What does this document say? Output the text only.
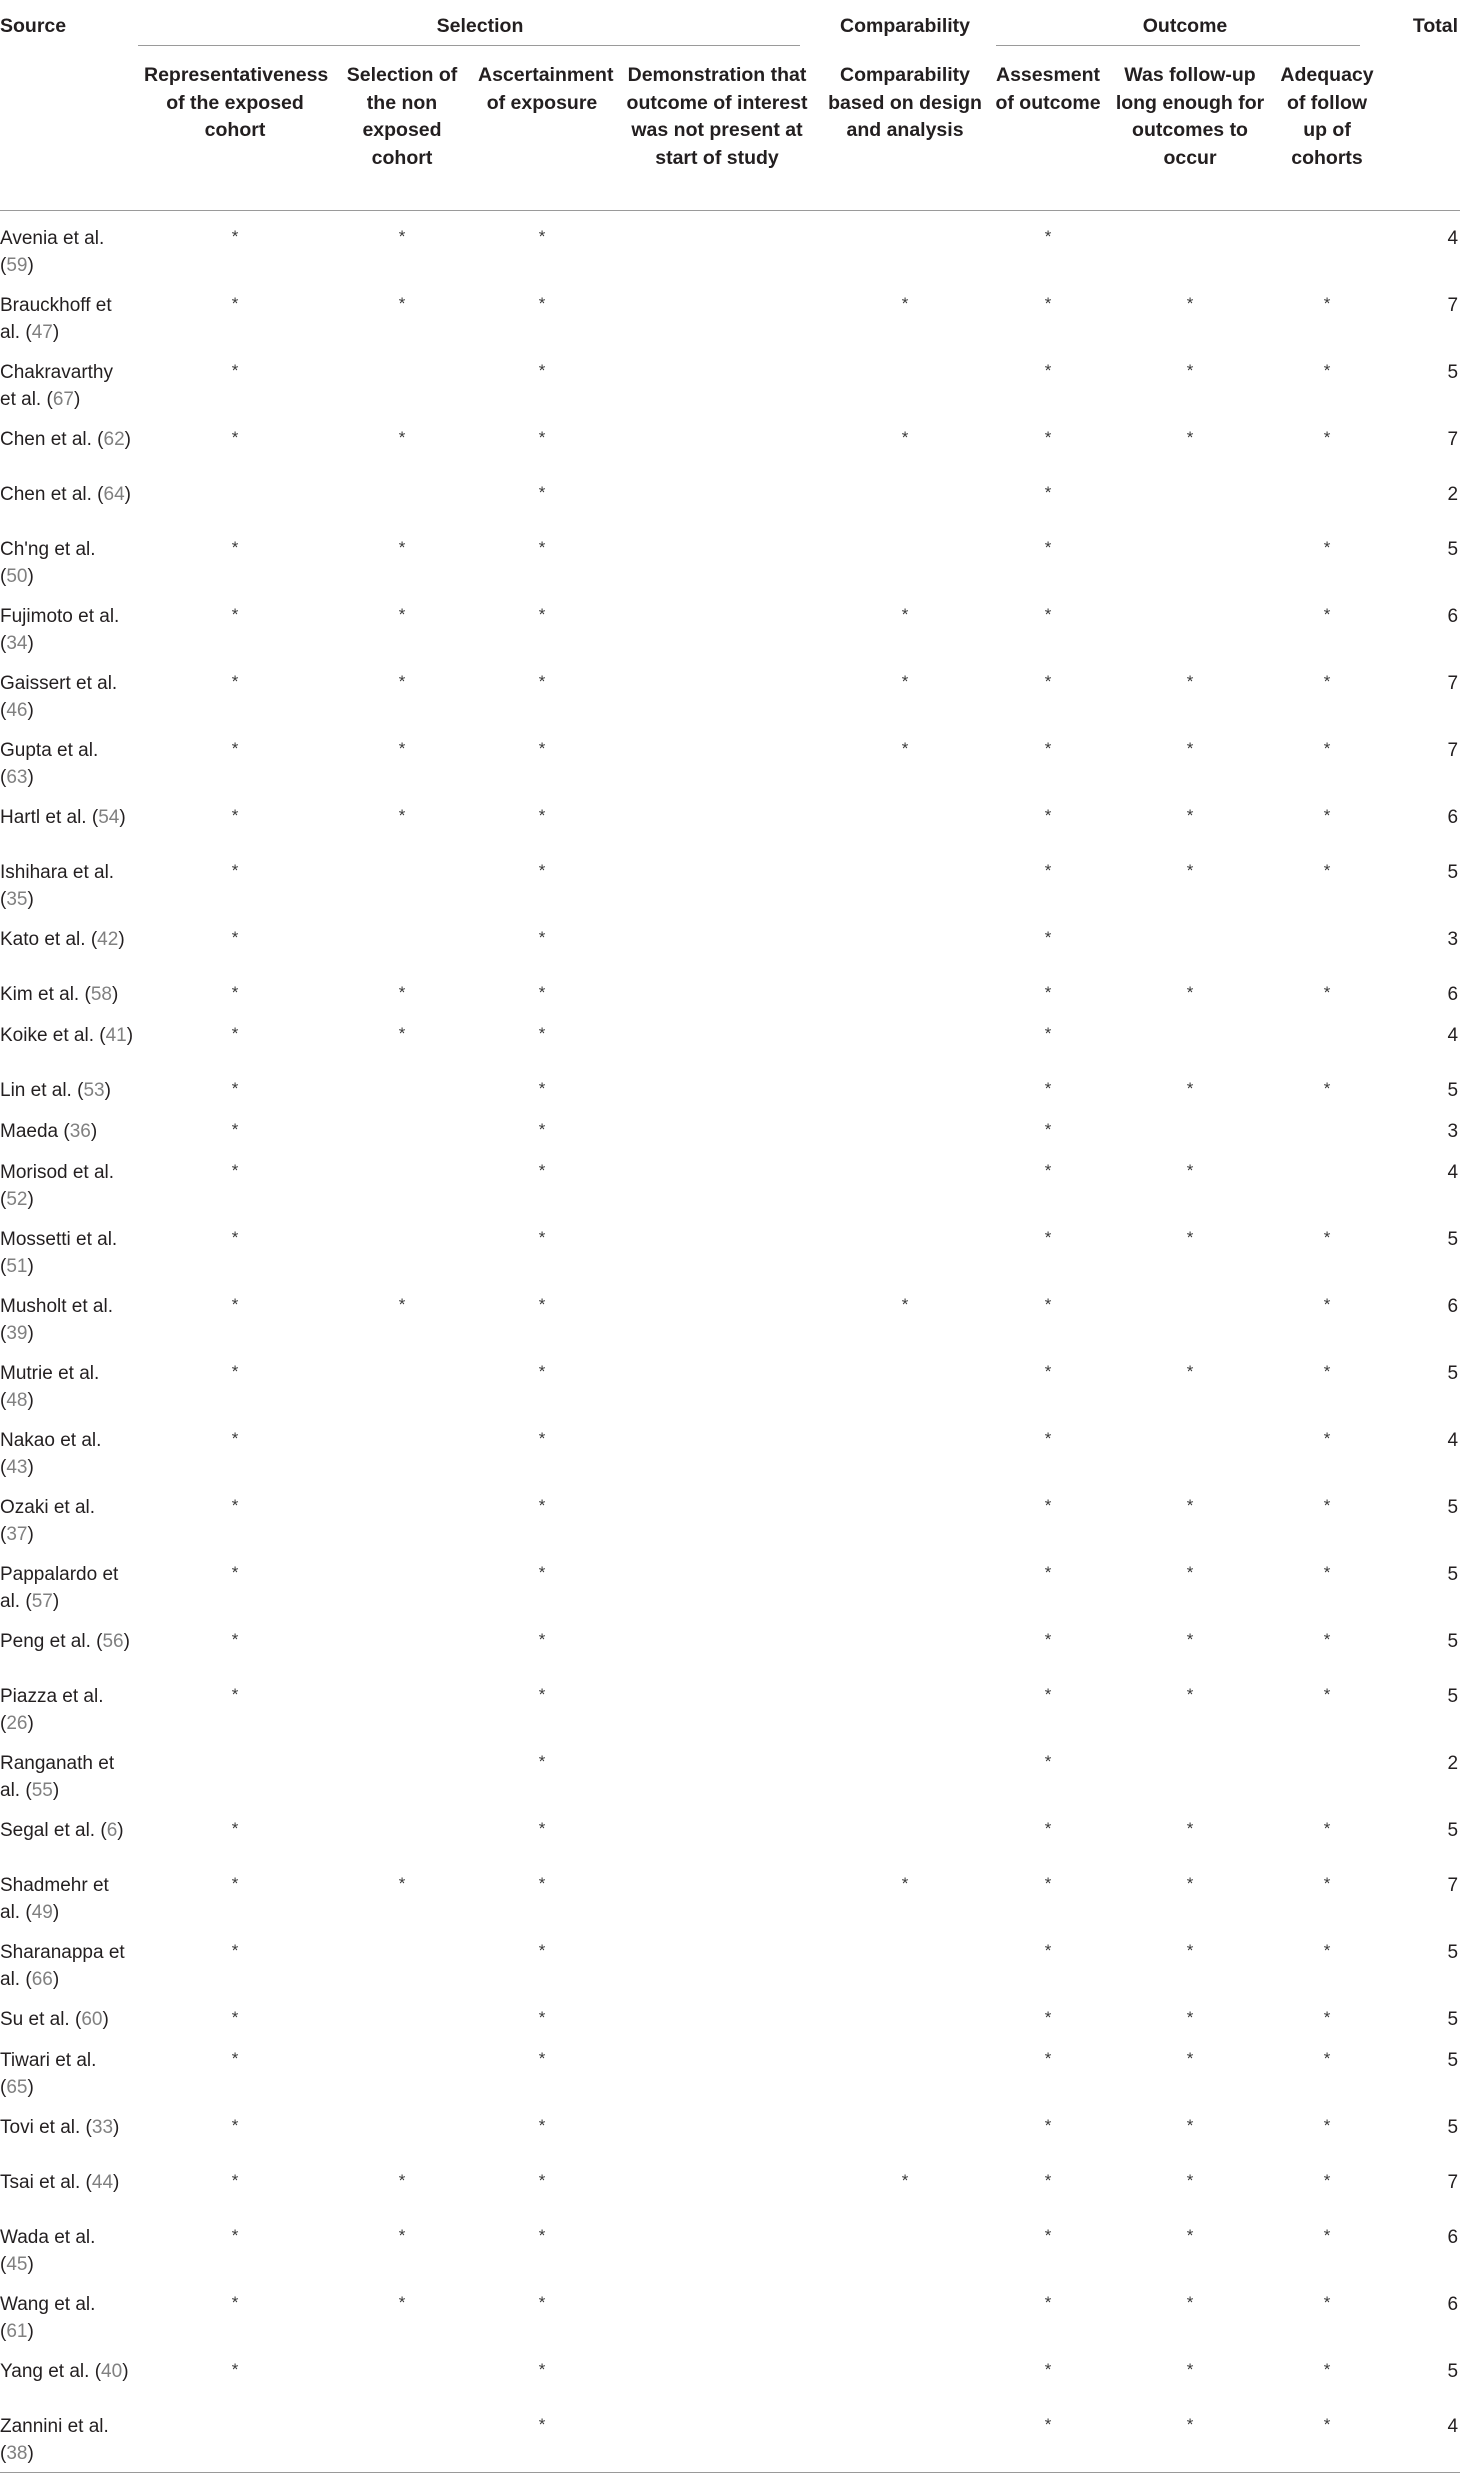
Source	Selection				Comparability	Outcome			Total
	Representativeness of the exposed cohort	Selection of the non exposed cohort	Ascertainment of exposure	Demonstration that outcome of interest was not present at start of study	Comparability based on design and analysis	Assesment of outcome	Was follow-up long enough for outcomes to occur	Adequacy of follow up of cohorts	
Avenia et al. (59)	*	*	*			*			4
Brauckhoff et al. (47)	*	*	*		*	*	*	*	7
Chakravarthy et al. (67)	*		*			*	*	*	5
Chen et al. (62)	*	*	*		*	*	*	*	7
Chen et al. (64)			*			*			2
Ch'ng et al. (50)	*	*	*			*		*	5
Fujimoto et al. (34)	*	*	*		*	*		*	6
Gaissert et al. (46)	*	*	*		*	*	*	*	7
Gupta et al. (63)	*	*	*		*	*	*	*	7
Hartl et al. (54)	*	*	*			*	*	*	6
Ishihara et al. (35)	*		*			*	*	*	5
Kato et al. (42)	*		*			*			3
Kim et al. (58)	*	*	*			*	*	*	6
Koike et al. (41)	*	*	*			*			4
Lin et al. (53)	*		*			*	*	*	5
Maeda (36)	*		*			*			3
Morisod et al. (52)	*		*			*	*		4
Mossetti et al. (51)	*		*			*	*	*	5
Musholt et al. (39)	*	*	*		*	*		*	6
Mutrie et al. (48)	*		*			*	*	*	5
Nakao et al. (43)	*		*			*		*	4
Ozaki et al. (37)	*		*			*	*	*	5
Pappalardo et al. (57)	*		*			*	*	*	5
Peng et al. (56)	*		*			*	*	*	5
Piazza et al. (26)	*		*			*	*	*	5
Ranganath et al. (55)			*			*			2
Segal et al. (6)	*		*			*	*	*	5
Shadmehr et al. (49)	*	*	*		*	*	*	*	7
Sharanappa et al. (66)	*		*			*	*	*	5
Su et al. (60)	*		*			*	*	*	5
Tiwari et al. (65)	*		*			*	*	*	5
Tovi et al. (33)	*		*			*	*	*	5
Tsai et al. (44)	*	*	*		*	*	*	*	7
Wada et al. (45)	*	*	*			*	*	*	6
Wang et al. (61)	*	*	*			*	*	*	6
Yang et al. (40)	*		*			*	*	*	5
Zannini et al. (38)			*			*	*	*	4
